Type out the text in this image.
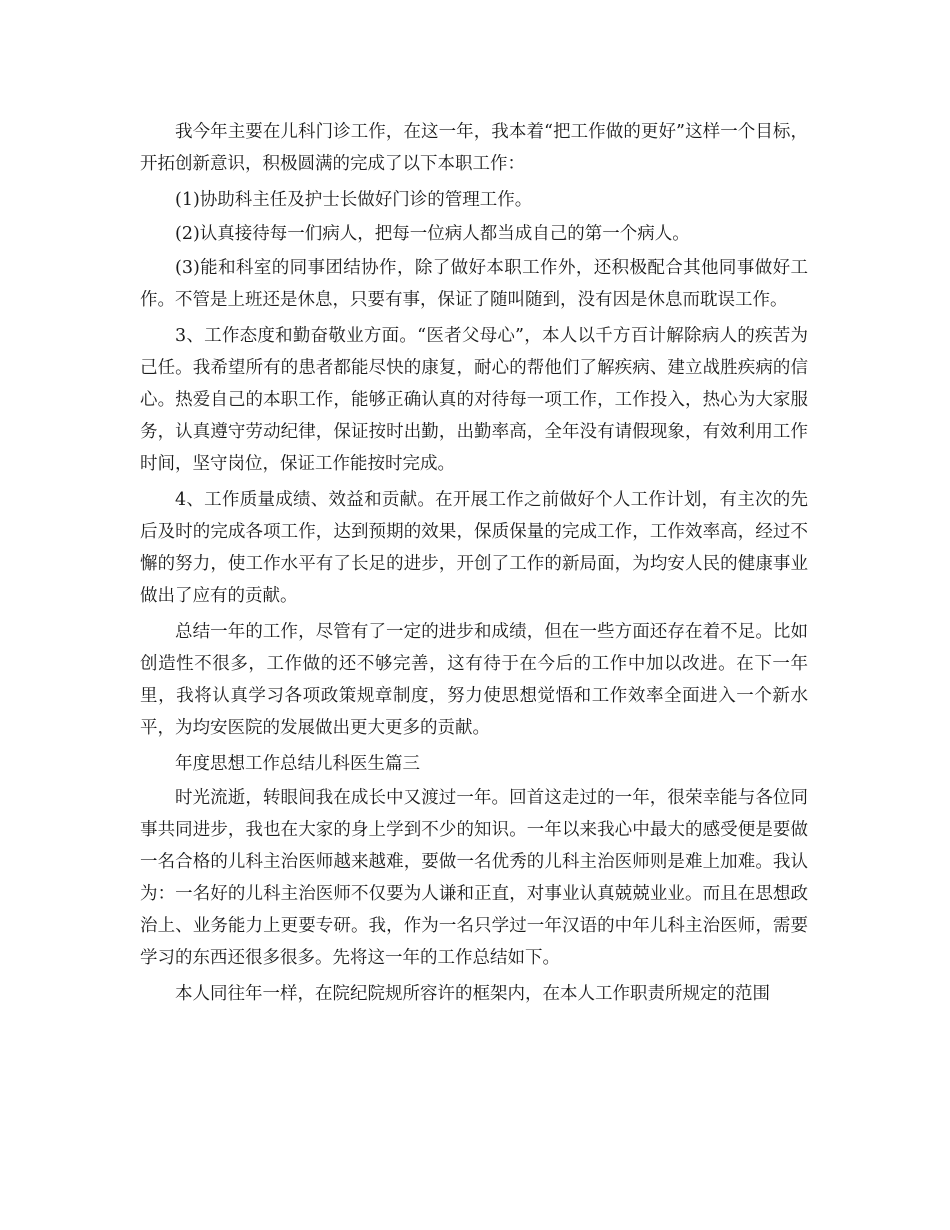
我今年主要在儿科门诊工作，在这一年，我本着“把工作做的更好”这样一个目标，开拓创新意识，积极圆满的完成了以下本职工作：

(1)协助科主任及护士长做好门诊的管理工作。

(2)认真接待每一们病人，把每一位病人都当成自己的第一个病人。

(3)能和科室的同事团结协作，除了做好本职工作外，还积极配合其他同事做好工作。不管是上班还是休息，只要有事，保证了随叫随到，没有因是休息而耽误工作。

3、工作态度和勤奋敬业方面。“医者父母心”，本人以千方百计解除病人的疾苦为己任。我希望所有的患者都能尽快的康复，耐心的帮他们了解疾病、建立战胜疾病的信心。热爱自己的本职工作，能够正确认真的对待每一项工作，工作投入，热心为大家服务，认真遵守劳动纪律，保证按时出勤，出勤率高，全年没有请假现象，有效利用工作时间，坚守岗位，保证工作能按时完成。

4、工作质量成绩、效益和贡献。在开展工作之前做好个人工作计划，有主次的先后及时的完成各项工作，达到预期的效果，保质保量的完成工作，工作效率高，经过不懈的努力，使工作水平有了长足的进步，开创了工作的新局面，为均安人民的健康事业做出了应有的贡献。

总结一年的工作，尽管有了一定的进步和成绩，但在一些方面还存在着不足。比如创造性不很多，工作做的还不够完善，这有待于在今后的工作中加以改进。在下一年里，我将认真学习各项政策规章制度，努力使思想觉悟和工作效率全面进入一个新水平，为均安医院的发展做出更大更多的贡献。

年度思想工作总结儿科医生篇三

时光流逝，转眼间我在成长中又渡过一年。回首这走过的一年，很荣幸能与各位同事共同进步，我也在大家的身上学到不少的知识。一年以来我心中最大的感受便是要做一名合格的儿科主治医师越来越难，要做一名优秀的儿科主治医师则是难上加难。我认为：一名好的儿科主治医师不仅要为人谦和正直，对事业认真兢兢业业。而且在思想政治上、业务能力上更要专研。我，作为一名只学过一年汉语的中年儿科主治医师，需要学习的东西还很多很多。先将这一年的工作总结如下。

本人同往年一样，在院纪院规所容许的框架内，在本人工作职责所规定的范围
